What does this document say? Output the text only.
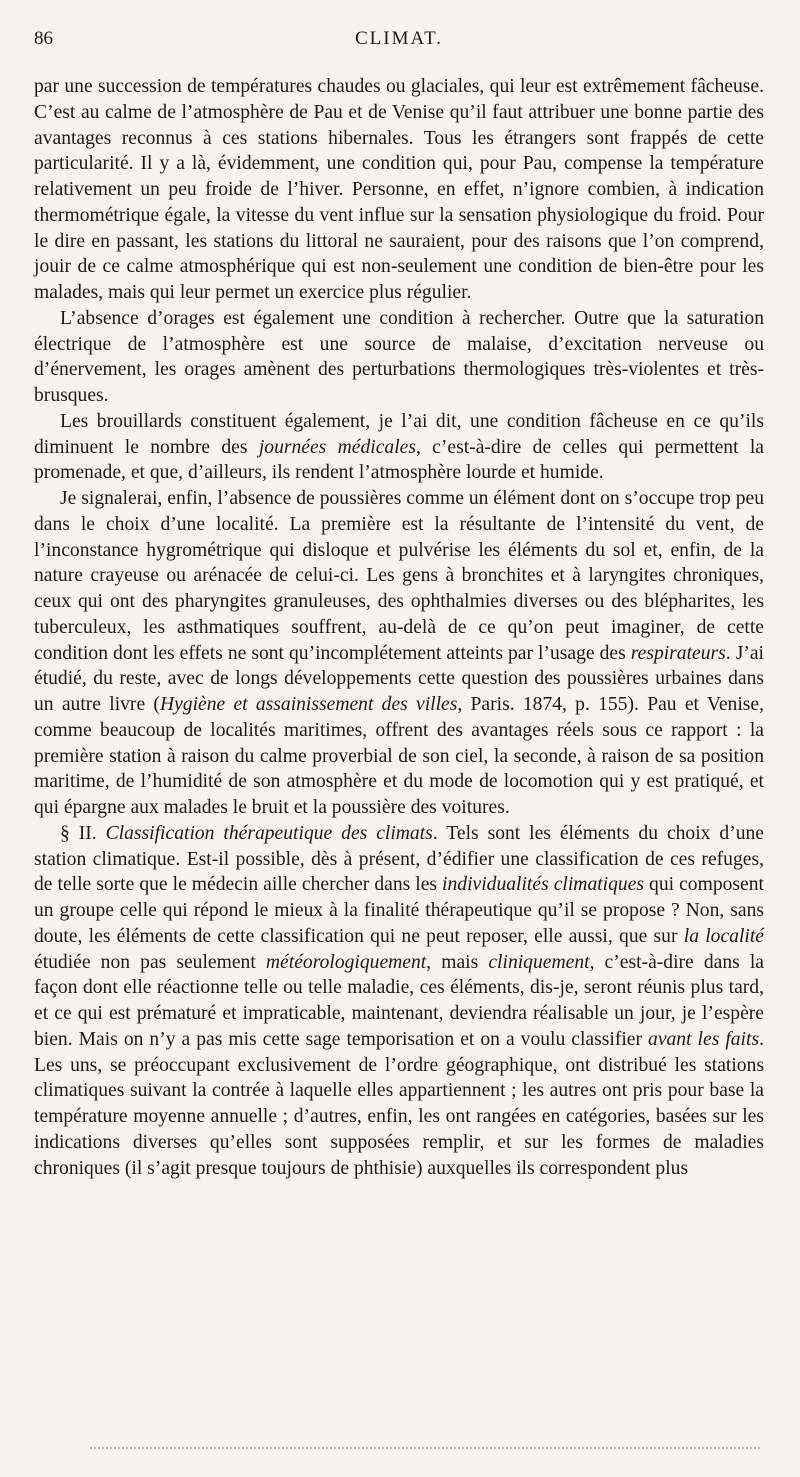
86	CLIMAT.

par une succession de températures chaudes ou glaciales, qui leur est extrêmement fâcheuse. C’est au calme de l’atmosphère de Pau et de Venise qu’il faut attribuer une bonne partie des avantages reconnus à ces stations hibernales. Tous les étrangers sont frappés de cette particularité. Il y a là, évidemment, une condition qui, pour Pau, compense la température relativement un peu froide de l’hiver. Personne, en effet, n’ignore combien, à indication thermométrique égale, la vitesse du vent influe sur la sensation physiologique du froid. Pour le dire en passant, les stations du littoral ne sauraient, pour des raisons que l’on comprend, jouir de ce calme atmosphérique qui est non-seulement une condition de bien-être pour les malades, mais qui leur permet un exercice plus régulier.

L’absence d’orages est également une condition à rechercher. Outre que la saturation électrique de l’atmosphère est une source de malaise, d’excitation nerveuse ou d’énervement, les orages amènent des perturbations thermologiques très-violentes et très-brusques.

Les brouillards constituent également, je l’ai dit, une condition fâcheuse en ce qu’ils diminuent le nombre des journées médicales, c’est-à-dire de celles qui permettent la promenade, et que, d’ailleurs, ils rendent l’atmosphère lourde et humide.

Je signalerai, enfin, l’absence de poussières comme un élément dont on s’occupe trop peu dans le choix d’une localité. La première est la résultante de l’intensité du vent, de l’inconstance hygrométrique qui disloque et pulvérise les éléments du sol et, enfin, de la nature crayeuse ou arénacée de celui-ci. Les gens à bronchites et à laryngites chroniques, ceux qui ont des pharyngites granuleuses, des ophthalmies diverses ou des blépharites, les tuberculeux, les asthmatiques souffrent, au-delà de ce qu’on peut imaginer, de cette condition dont les effets ne sont qu’incomplétement atteints par l’usage des respirateurs. J’ai étudié, du reste, avec de longs développements cette question des poussières urbaines dans un autre livre (Hygiène et assainissement des villes, Paris. 1874, p. 155). Pau et Venise, comme beaucoup de localités maritimes, offrent des avantages réels sous ce rapport : la première station à raison du calme proverbial de son ciel, la seconde, à raison de sa position maritime, de l’humidité de son atmosphère et du mode de locomotion qui y est pratiqué, et qui épargne aux malades le bruit et la poussière des voitures.

§ II. Classification thérapeutique des climats. Tels sont les éléments du choix d’une station climatique. Est-il possible, dès à présent, d’édifier une classification de ces refuges, de telle sorte que le médecin aille chercher dans les individualités climatiques qui composent un groupe celle qui répond le mieux à la finalité thérapeutique qu’il se propose ? Non, sans doute, les éléments de cette classification qui ne peut reposer, elle aussi, que sur la localité étudiée non pas seulement météorologiquement, mais cliniquement, c’est-à-dire dans la façon dont elle réactionne telle ou telle maladie, ces éléments, dis-je, seront réunis plus tard, et ce qui est prématuré et impraticable, maintenant, deviendra réalisable un jour, je l’espère bien. Mais on n’y a pas mis cette sage temporisation et on a voulu classifier avant les faits. Les uns, se préoccupant exclusivement de l’ordre géographique, ont distribué les stations climatiques suivant la contrée à laquelle elles appartiennent ; les autres ont pris pour base la température moyenne annuelle ; d’autres, enfin, les ont rangées en catégories, basées sur les indications diverses qu’elles sont supposées remplir, et sur les formes de maladies chroniques (il s’agit presque toujours de phthisie) auxquelles ils correspondent plus
